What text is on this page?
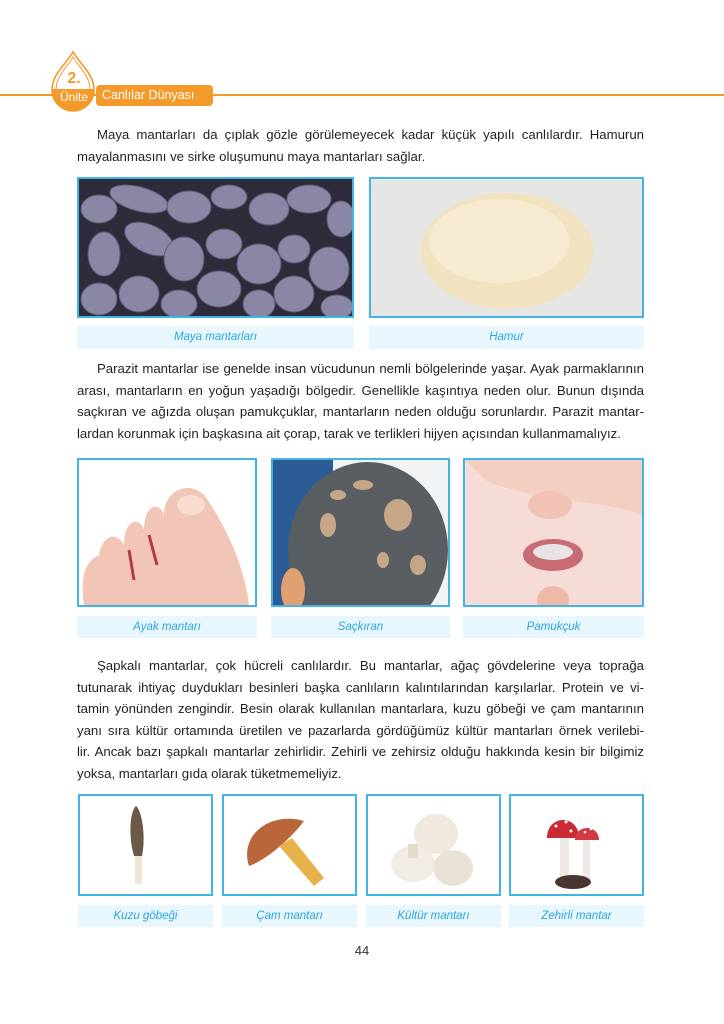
2.
Ünite	Canlılar Dünyası
Maya mantarları da çıplak gözle görülemeyecek kadar küçük yapılı canlılardır. Hamurun
mayalanmasını ve sirke oluşumunu maya mantarları sağlar.
Maya mantarları	Hamur
Parazit mantarlar ise genelde insan vücudunun nemli bölgelerinde yaşar. Ayak parmaklarının
arası, mantarların en yoğun yaşadığı bölgedir. Genellikle kaşıntıya neden olur. Bunun dışında
saçkıran ve ağızda oluşan pamukçuklar, mantarların neden olduğu sorunlardır. Parazit mantar-
lardan korunmak için başkasına ait çorap, tarak ve terlikleri hijyen açısından kullanmamalıyız.
Ayak mantarı	Saçkıran	Pamukçuk
Şapkalı mantarlar, çok hücreli canlılardır. Bu mantarlar, ağaç gövdelerine veya toprağa
tutunarak ihtiyaç duydukları besinleri başka canlıların kalıntılarından karşılarlar. Protein ve vi-
tamin yönünden zengindir. Besin olarak kullanılan mantarlara, kuzu göbeği ve çam mantarının
yanı sıra kültür ortamında üretilen ve pazarlarda gördüğümüz kültür mantarları örnek verilebi-
lir. Ancak bazı şapkalı mantarlar zehirlidir. Zehirli ve zehirsiz olduğu hakkında kesin bir bilgimiz
yoksa, mantarları gıda olarak tüketmemeliyiz.
Kuzu göbeği	Çam mantarı	Kültür mantarı	Zehirli mantar
44
